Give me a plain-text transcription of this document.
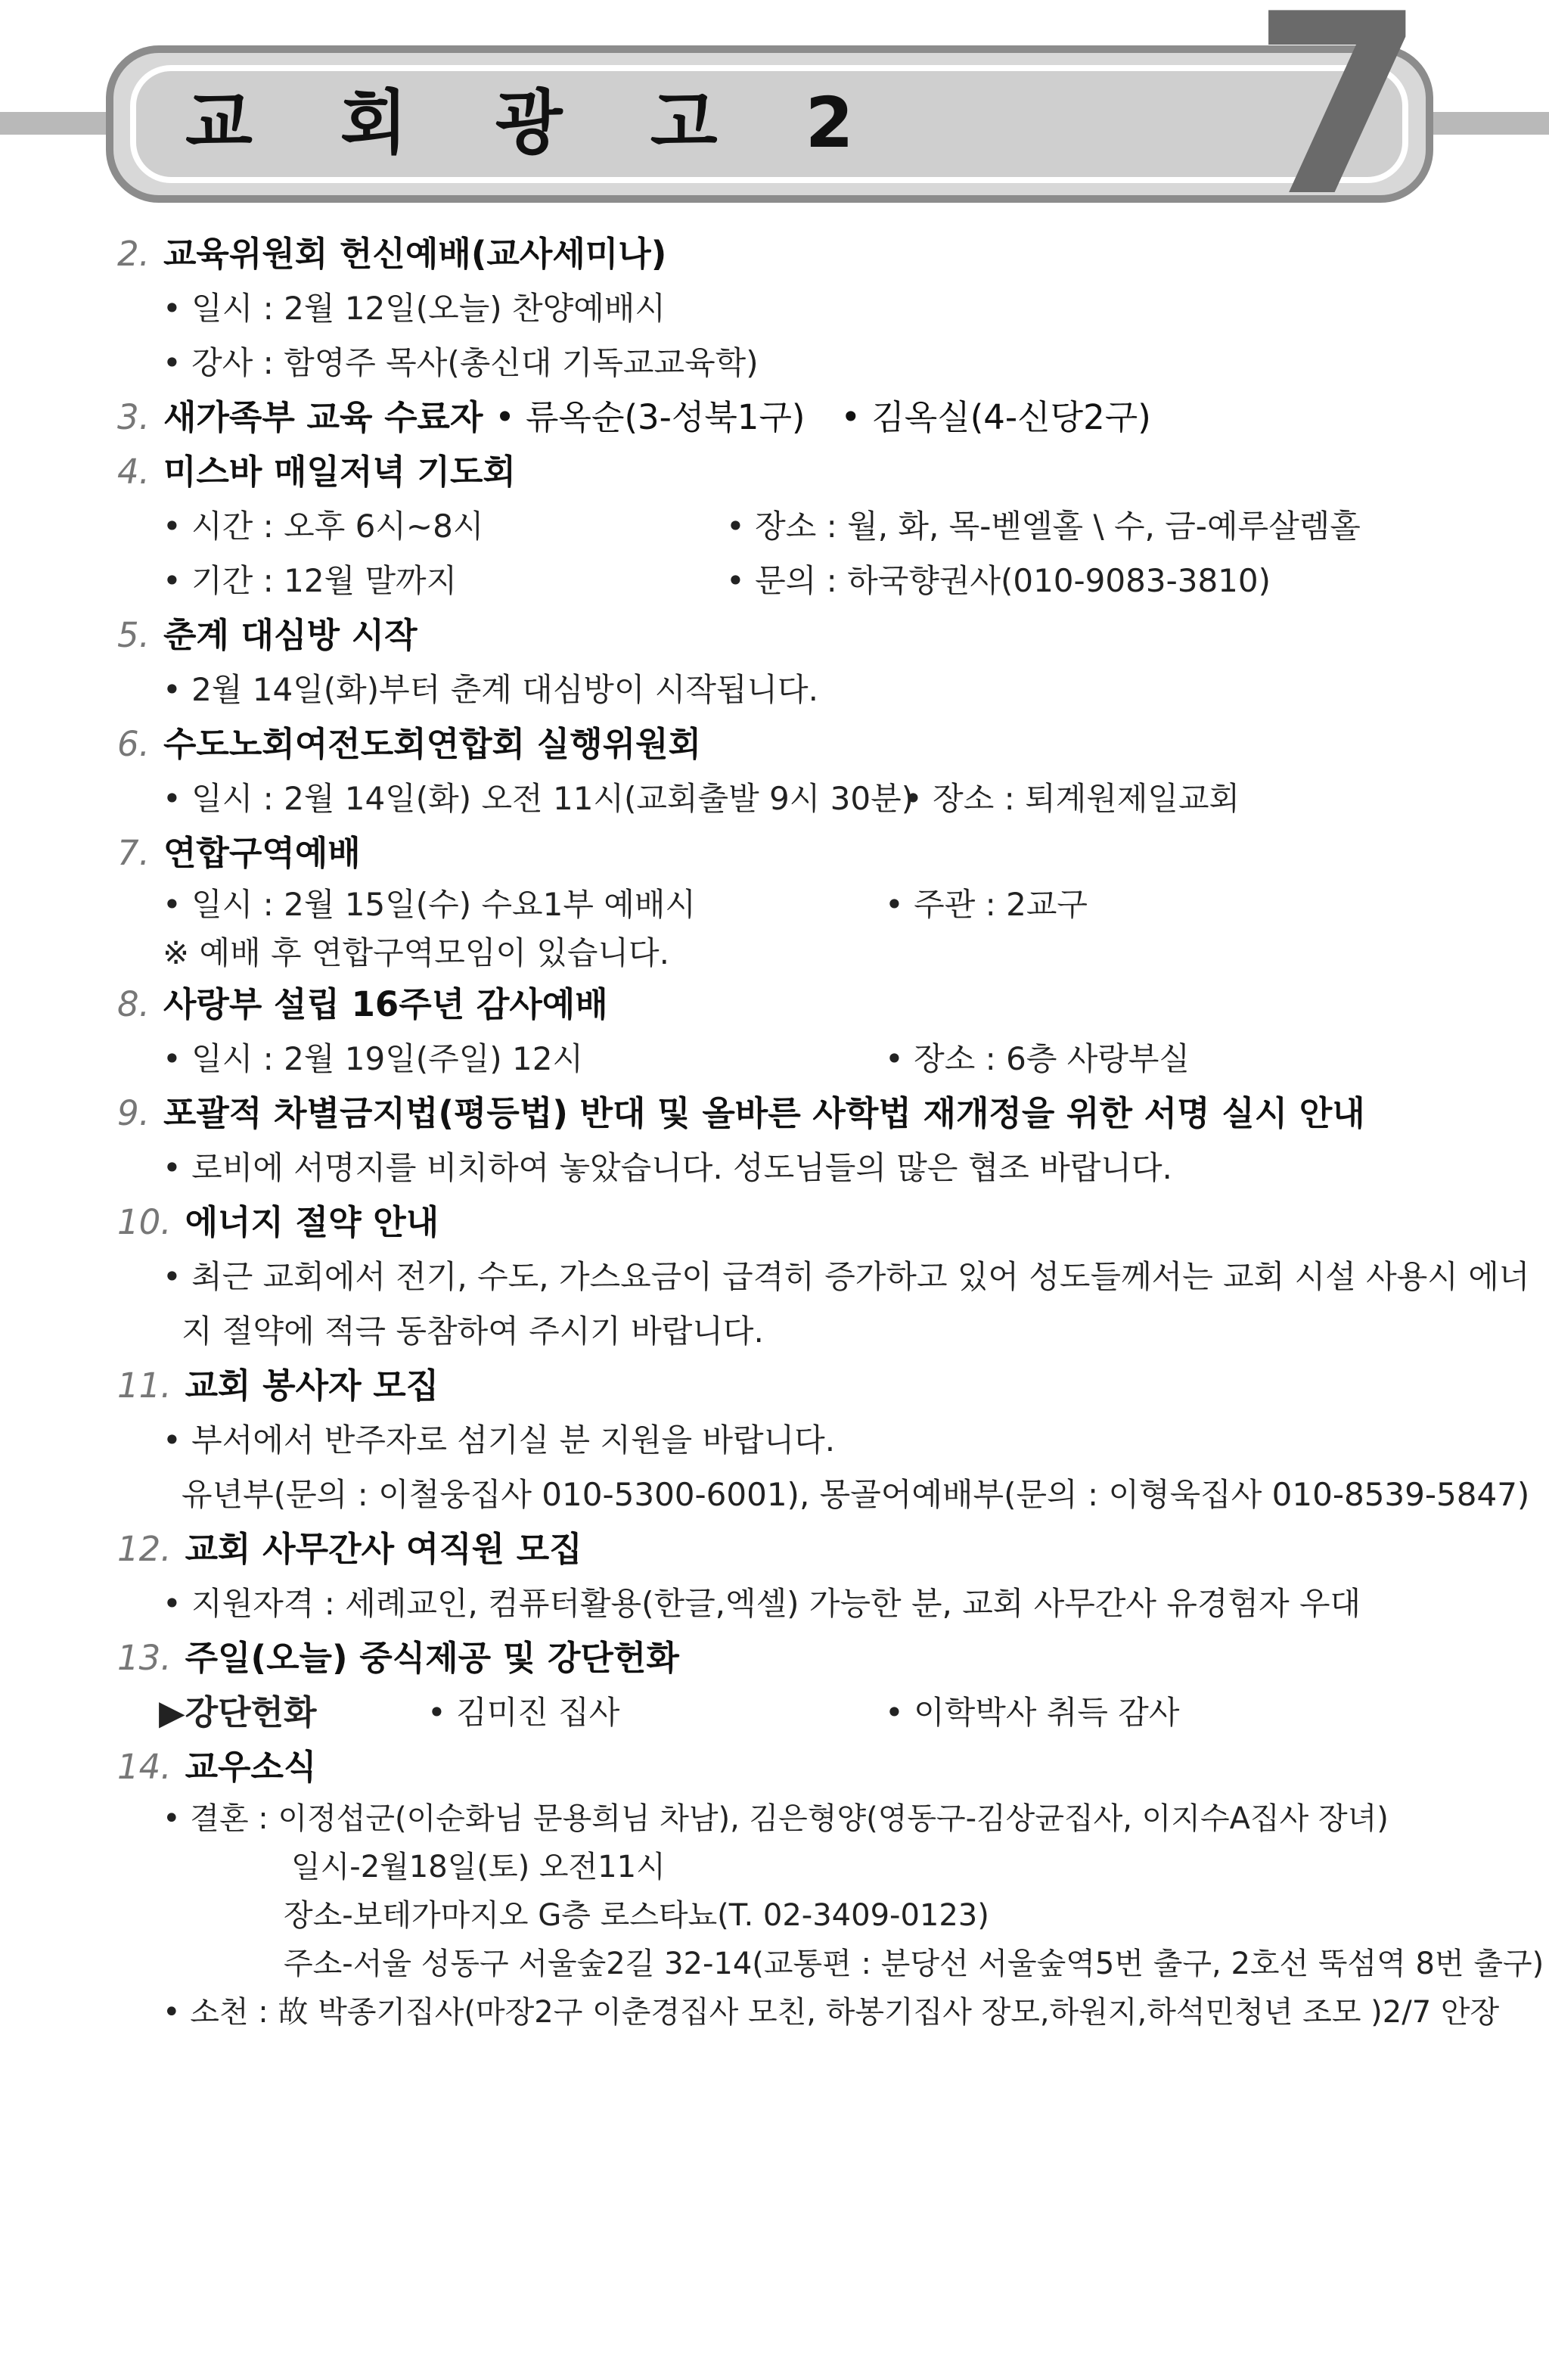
교 회 광 고 2 7
2. 교육위원회 헌신예배(교사세미나)
• 일시 : 2월 12일(오늘) 찬양예배시
• 강사 : 함영주 목사(총신대 기독교교육학)
3. 새가족부 교육 수료자 • 류옥순(3-성북1구) • 김옥실(4-신당2구)
4. 미스바 매일저녁 기도회
• 시간 : 오후 6시~8시	• 장소 : 월, 화, 목-벧엘홀 \ 수, 금-예루살렘홀
• 기간 : 12월 말까지	• 문의 : 하국향권사(010-9083-3810)
5. 춘계 대심방 시작
• 2월 14일(화)부터 춘계 대심방이 시작됩니다.
6. 수도노회여전도회연합회 실행위원회
• 일시 : 2월 14일(화) 오전 11시(교회출발 9시 30분)
• 장소 : 퇴계원제일교회
7. 연합구역예배
• 일시 : 2월 15일(수) 수요1부 예배시	• 주관 : 2교구
※ 예배 후 연합구역모임이 있습니다.
8. 사랑부 설립 16주년 감사예배
• 일시 : 2월 19일(주일) 12시	• 장소 : 6층 사랑부실
9. 포괄적 차별금지법(평등법) 반대 및 올바른 사학법 재개정을 위한 서명 실시 안내
• 로비에 서명지를 비치하여 놓았습니다. 성도님들의 많은 협조 바랍니다.
10. 에너지 절약 안내
• 최근 교회에서 전기, 수도, 가스요금이 급격히 증가하고 있어 성도들께서는 교회 시설 사용시 에너
지 절약에 적극 동참하여 주시기 바랍니다.
11. 교회 봉사자 모집
• 부서에서 반주자로 섬기실 분 지원을 바랍니다.
유년부(문의 : 이철웅집사 010-5300-6001), 몽골어예배부(문의 : 이형욱집사 010-8539-5847)
12. 교회 사무간사 여직원 모집
• 지원자격 : 세례교인, 컴퓨터활용(한글,엑셀) 가능한 분, 교회 사무간사 유경험자 우대
13. 주일(오늘) 중식제공 및 강단헌화
▶강단헌화	• 김미진 집사	• 이학박사 취득 감사
14. 교우소식
• 결혼 : 이정섭군(이순화님 문용희님 차남), 김은형양(영동구-김상균집사, 이지수A집사 장녀)
일시-2월18일(토) 오전11시
장소-보테가마지오 G층 로스타뇨(T. 02-3409-0123)
주소-서울 성동구 서울숲2길 32-14(교통편 : 분당선 서울숲역5번 출구, 2호선 뚝섬역 8번 출구)
• 소천 : 故 박종기집사(마장2구 이춘경집사 모친, 하봉기집사 장모,하원지,하석민청년 조모 )2/7 안장
